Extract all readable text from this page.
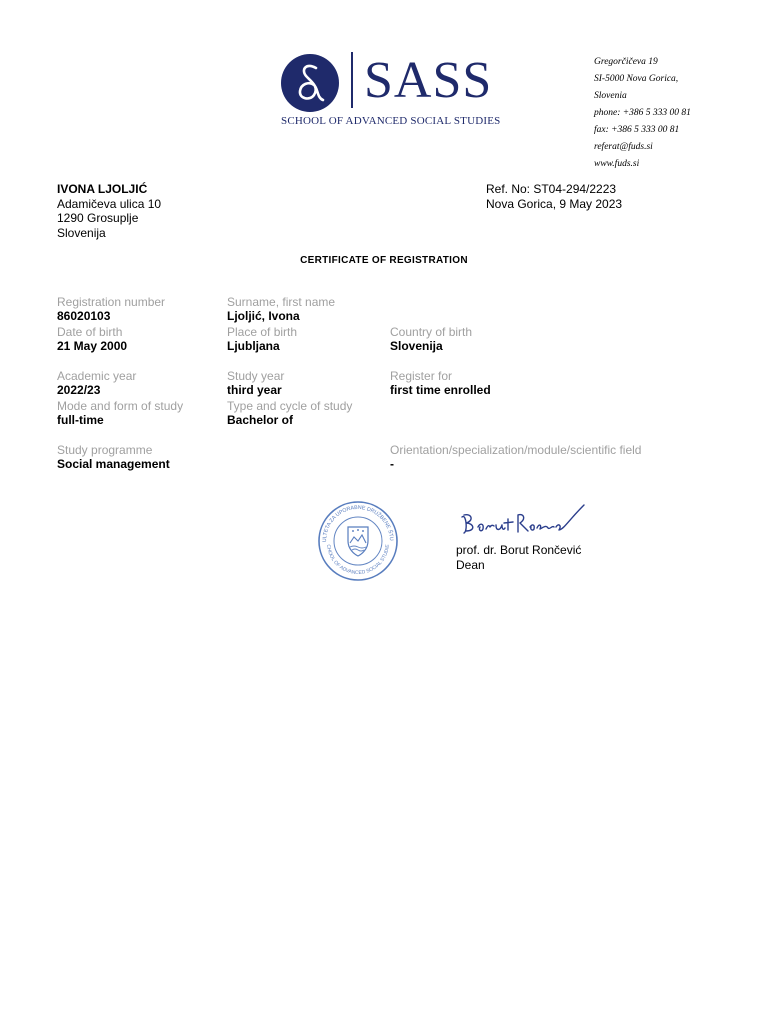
SASS
SCHOOL OF ADVANCED SOCIAL STUDIES
Gregorčičeva 19
SI-5000 Nova Gorica,
Slovenia
phone: +386 5 333 00 81
fax: +386 5 333 00 81
referat@fuds.si
www.fuds.si
IVONA LJOLJIĆ
Adamičeva ulica 10
1290 Grosuplje
Slovenija
Ref. No: ST04-294/2223
Nova Gorica, 9 May 2023
CERTIFICATE OF REGISTRATION
Registration number
86020103
Surname, first name
Ljoljić, Ivona
Date of birth
21 May 2000
Place of birth
Ljubljana
Country of birth
Slovenija
Academic year
2022/23
Study year
third year
Register for
first time enrolled
Mode and form of study
full-time
Type and cycle of study
Bachelor of
Study programme
Social management
Orientation/specialization/module/scientific field
-
ULTETA ZA UPORABNE DRUŽBENE ŠTU
CHOOL OF ADVANCED SOCIAL STUDIE	prof. dr. Borut Rončević
Dean
